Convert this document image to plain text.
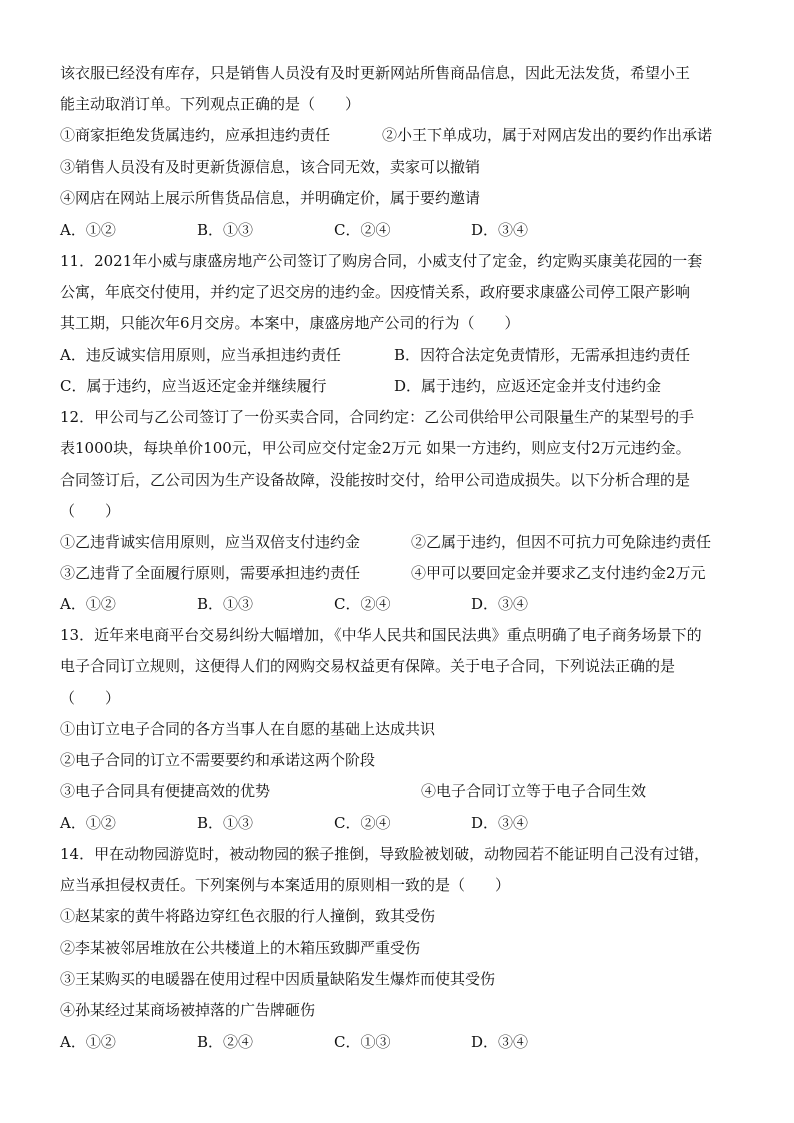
该衣服已经没有库存，只是销售人员没有及时更新网站所售商品信息，因此无法发货，希望小王
能主动取消订单。下列观点正确的是（　　）
①商家拒绝发货属违约，应承担违约责任	②小王下单成功，属于对网店发出的要约作出承诺
③销售人员没有及时更新货源信息，该合同无效，卖家可以撤销
④网店在网站上展示所售货品信息，并明确定价，属于要约邀请
A．①②	B．①③	C．②④	D．③④
11．2021年小威与康盛房地产公司签订了购房合同，小威支付了定金，约定购买康美花园的一套
公寓，年底交付使用，并约定了迟交房的违约金。因疫情关系，政府要求康盛公司停工限产影响
其工期，只能次年6月交房。本案中，康盛房地产公司的行为（　　）
A．违反诚实信用原则，应当承担违约责任	B．因符合法定免责情形，无需承担违约责任
C．属于违约，应当返还定金并继续履行	D．属于违约，应返还定金并支付违约金
12．甲公司与乙公司签订了一份买卖合同，合同约定：乙公司供给甲公司限量生产的某型号的手
表1000块，每块单价100元，甲公司应交付定金2万元 如果一方违约，则应支付2万元违约金。
合同签订后，乙公司因为生产设备故障，没能按时交付，给甲公司造成损失。以下分析合理的是
（　　）
①乙违背诚实信用原则，应当双倍支付违约金	②乙属于违约，但因不可抗力可免除违约责任
③乙违背了全面履行原则，需要承担违约责任	④甲可以要回定金并要求乙支付违约金2万元
A．①②	B．①③	C．②④	D．③④
13．近年来电商平台交易纠纷大幅增加，《中华人民共和国民法典》重点明确了电子商务场景下的
电子合同订立规则，这便得人们的网购交易权益更有保障。关于电子合同，下列说法正确的是
（　　）
①由订立电子合同的各方当事人在自愿的基础上达成共识
②电子合同的订立不需要要约和承诺这两个阶段
③电子合同具有便捷高效的优势	④电子合同订立等于电子合同生效
A．①②	B．①③	C．②④	D．③④
14．甲在动物园游览时，被动物园的猴子推倒，导致脸被划破，动物园若不能证明自己没有过错，
应当承担侵权责任。下列案例与本案适用的原则相一致的是（　　）
①赵某家的黄牛将路边穿红色衣服的行人撞倒，致其受伤
②李某被邻居堆放在公共楼道上的木箱压致脚严重受伤
③王某购买的电暖器在使用过程中因质量缺陷发生爆炸而使其受伤
④孙某经过某商场被掉落的广告牌砸伤
A．①②	B．②④	C．①③	D．③④
